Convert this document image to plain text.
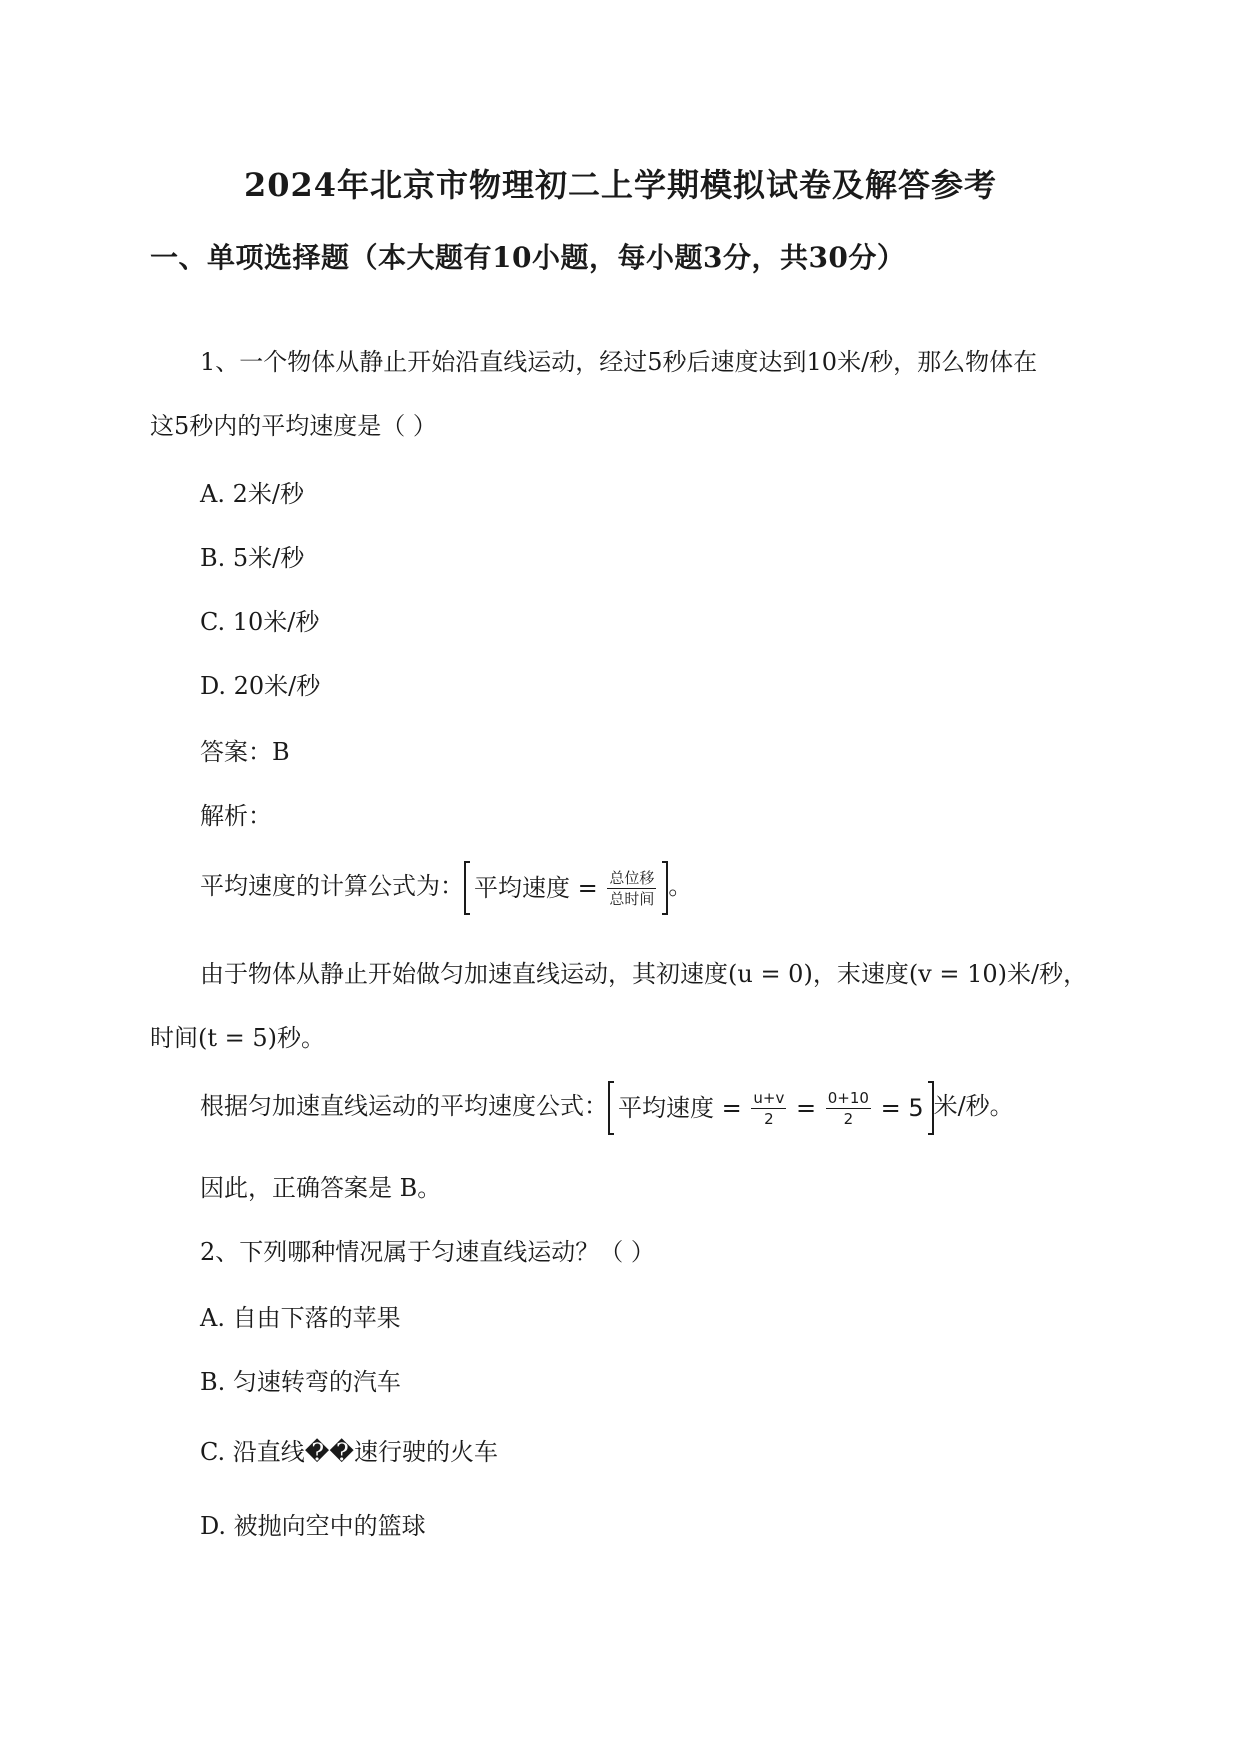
2024年北京市物理初二上学期模拟试卷及解答参考
一、单项选择题（本大题有10小题，每小题3分，共30分）
1、一个物体从静止开始沿直线运动，经过5秒后速度达到10米/秒，那么物体在
这5秒内的平均速度是（ ）
A. 2米/秒
B. 5米/秒
C. 10米/秒
D. 20米/秒
答案：B
解析：
平均速度的计算公式为： 平均速度 = $\frac{\text{总位移}}{\text{总时间}}$ 。
由于物体从静止开始做匀加速直线运动，其初速度(u = 0)，末速度(v = 10)米/秒，
时间(t = 5)秒。
根据匀加速直线运动的平均速度公式： 平均速度 = $\frac{u+v}{2} = \frac{0+10}{2} = 5$ 米/秒。
因此，正确答案是 B。
2、下列哪种情况属于匀速直线运动？（ ）
A. 自由下落的苹果
B. 匀速转弯的汽车
C. 沿直线��速行驶的火车
D. 被抛向空中的篮球
